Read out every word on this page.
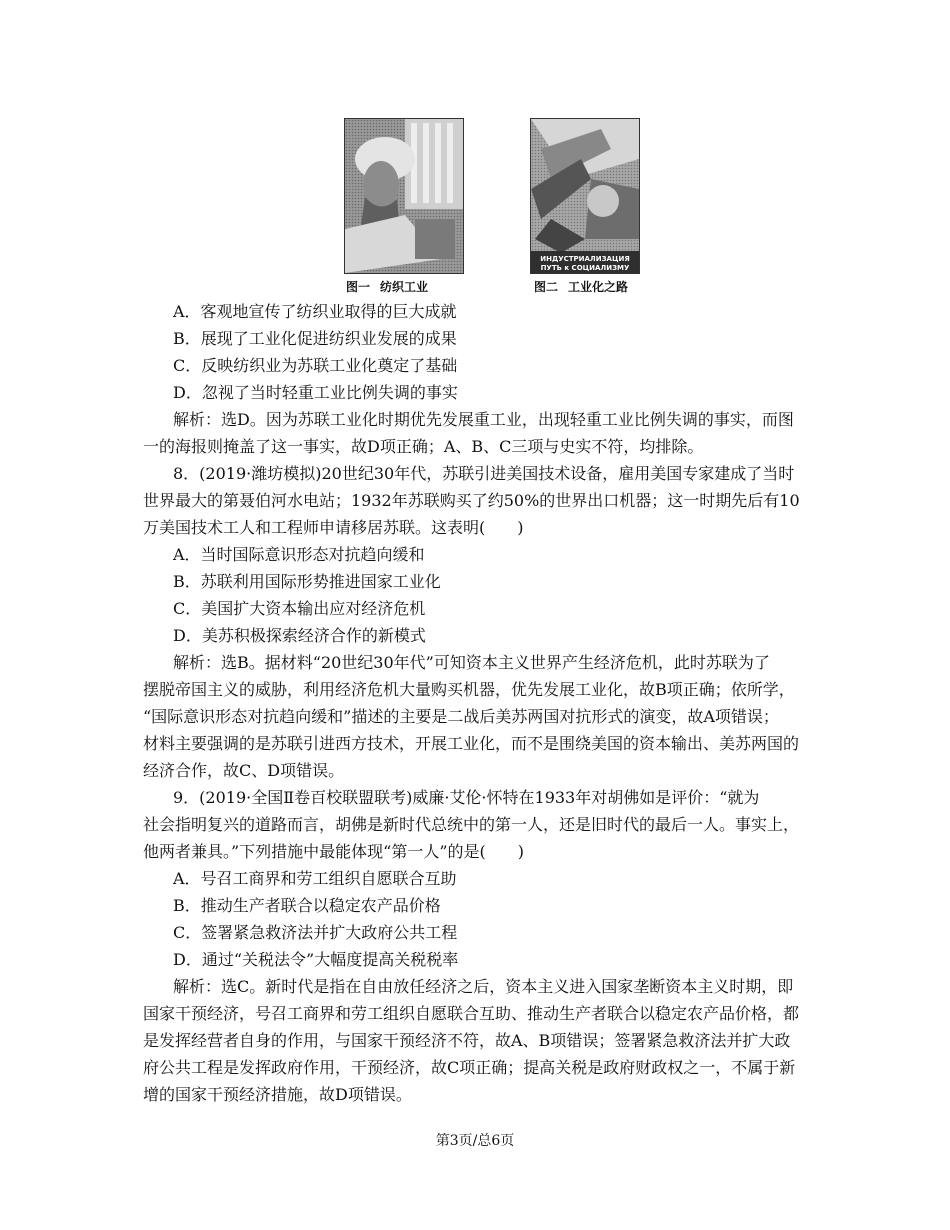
图一 纺织工业
ИНДУСТРИАЛИЗАЦИЯ
ПУТЬ к СОЦИАЛИЗМУ
图二 工业化之路
A．客观地宣传了纺织业取得的巨大成就
B．展现了工业化促进纺织业发展的成果
C．反映纺织业为苏联工业化奠定了基础
D．忽视了当时轻重工业比例失调的事实
解析：选D。因为苏联工业化时期优先发展重工业，出现轻重工业比例失调的事实，而图
一的海报则掩盖了这一事实，故D项正确；A、B、C三项与史实不符，均排除。
8．(2019·潍坊模拟)20世纪30年代，苏联引进美国技术设备，雇用美国专家建成了当时
世界最大的第聂伯河水电站；1932年苏联购买了约50%的世界出口机器；这一时期先后有10
万美国技术工人和工程师申请移居苏联。这表明(　　)
A．当时国际意识形态对抗趋向缓和
B．苏联利用国际形势推进国家工业化
C．美国扩大资本输出应对经济危机
D．美苏积极探索经济合作的新模式
解析：选B。据材料“20世纪30年代”可知资本主义世界产生经济危机，此时苏联为了
摆脱帝国主义的威胁，利用经济危机大量购买机器，优先发展工业化，故B项正确；依所学，
“国际意识形态对抗趋向缓和”描述的主要是二战后美苏两国对抗形式的演变，故A项错误；
材料主要强调的是苏联引进西方技术，开展工业化，而不是围绕美国的资本输出、美苏两国的
经济合作，故C、D项错误。
9．(2019·全国Ⅱ卷百校联盟联考)威廉·艾伦·怀特在1933年对胡佛如是评价：“就为
社会指明复兴的道路而言，胡佛是新时代总统中的第一人，还是旧时代的最后一人。事实上，
他两者兼具。”下列措施中最能体现“第一人”的是(　　)
A．号召工商界和劳工组织自愿联合互助
B．推动生产者联合以稳定农产品价格
C．签署紧急救济法并扩大政府公共工程
D．通过“关税法令”大幅度提高关税税率
解析：选C。新时代是指在自由放任经济之后，资本主义进入国家垄断资本主义时期，即
国家干预经济，号召工商界和劳工组织自愿联合互助、推动生产者联合以稳定农产品价格，都
是发挥经营者自身的作用，与国家干预经济不符，故A、B项错误；签署紧急救济法并扩大政
府公共工程是发挥政府作用，干预经济，故C项正确；提高关税是政府财政权之一，不属于新
增的国家干预经济措施，故D项错误。
第3页/总6页
